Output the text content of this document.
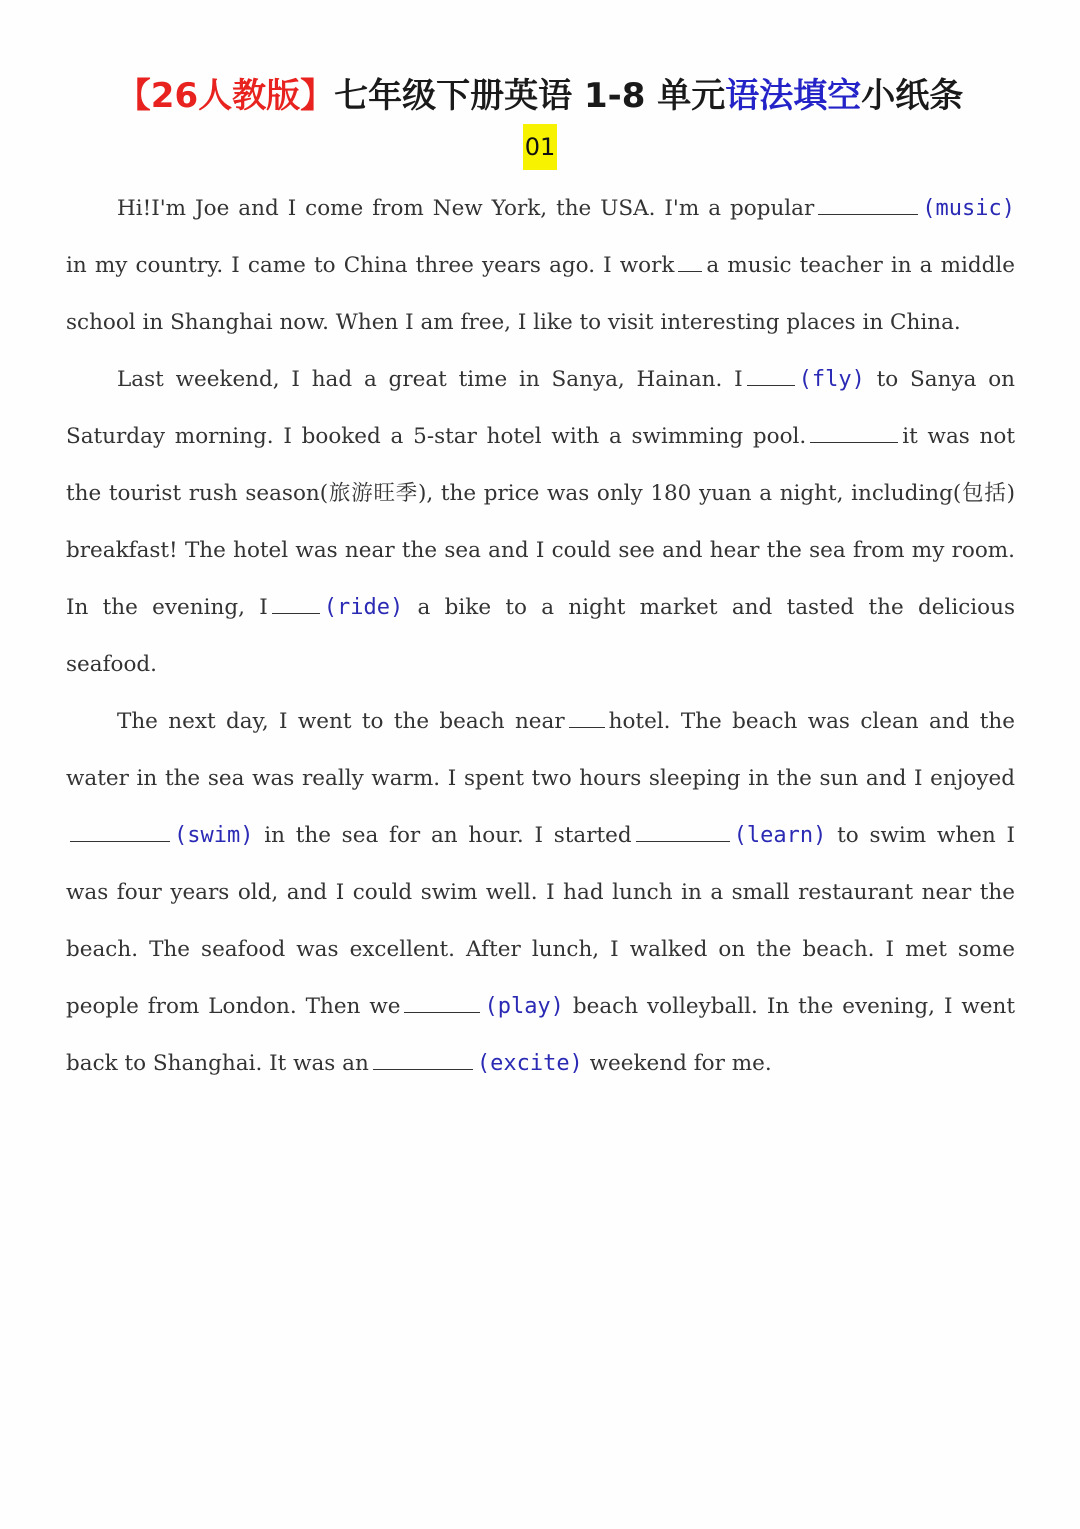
【26人教版】七年级下册英语 1-8 单元语法填空小纸条
01

Hi!I'm Joe and I come from New York, the USA. I'm a popular	(music) in my country. I came to China three years ago. I work a music teacher in a middle school in Shanghai now. When I am free, I like to visit interesting places in China.

Last weekend, I had a great time in Sanya, Hainan. I	(fly) to Sanya on Saturday morning. I booked a 5-star hotel with a swimming pool.	it was not the tourist rush season(旅游旺季), the price was only 180 yuan a night, including(包括) breakfast! The hotel was near the sea and I could see and hear the sea from my room. In the evening, I	(ride) a bike to a night market and tasted the delicious seafood.

The next day, I went to the beach near hotel. The beach was clean and the water in the sea was really warm. I spent two hours sleeping in the sun and I enjoyed(swim) in the sea for an hour. I started	(learn) to swim when I was four years old, and I could swim well. I had lunch in a small restaurant near the beach. The seafood was excellent. After lunch, I walked on the beach. I met some people from London. Then we	(play) beach volleyball. In the evening, I went back to Shanghai. It was an	(excite) weekend for me.
